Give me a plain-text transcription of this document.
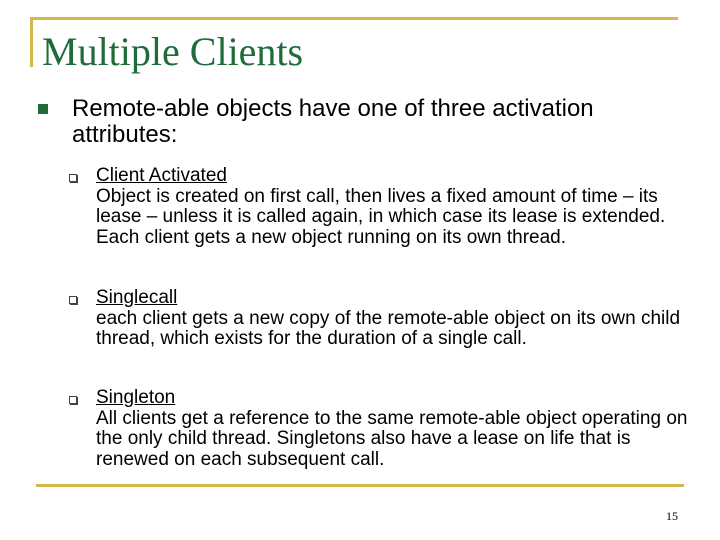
Multiple Clients
Remote-able objects have one of three activation attributes:
Client Activated
Object is created on first call, then lives a fixed amount of time – its lease – unless it is called again, in which case its lease is extended. Each client gets a new object running on its own thread.
Singlecall
each client gets a new copy of the remote-able object on its own child thread, which exists for the duration of a single call.
Singleton
All clients get a reference to the same remote-able object operating on the only child thread. Singletons also have a lease on life that is renewed on each subsequent call.
15
